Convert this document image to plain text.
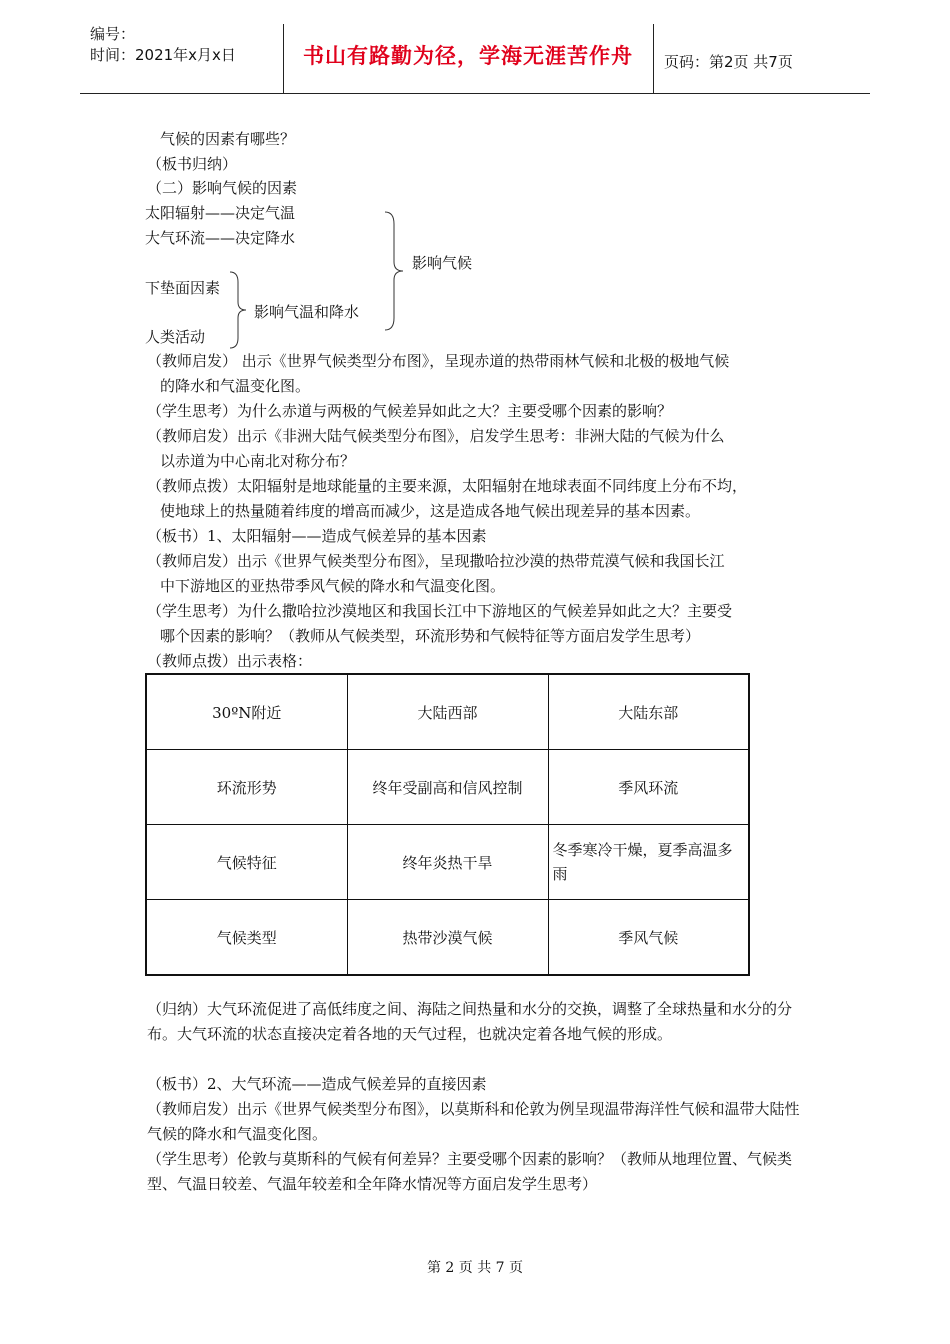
编号：
时间：2021年x月x日	书山有路勤为径，学海无涯苦作舟	页码：第2页 共7页
气候的因素有哪些？
（板书归纳）
（二）影响气候的因素
太阳辐射——决定气温
大气环流——决定降水
下垫面因素
人类活动
影响气温和降水
影响气候
（教师启发） 出示《世界气候类型分布图》，呈现赤道的热带雨林气候和北极的极地气候
的降水和气温变化图。
（学生思考）为什么赤道与两极的气候差异如此之大？主要受哪个因素的影响？
（教师启发）出示《非洲大陆气候类型分布图》，启发学生思考：非洲大陆的气候为什么
以赤道为中心南北对称分布？
（教师点拨）太阳辐射是地球能量的主要来源，太阳辐射在地球表面不同纬度上分布不均，
使地球上的热量随着纬度的增高而减少，这是造成各地气候出现差异的基本因素。
（板书）1、太阳辐射——造成气候差异的基本因素
（教师启发）出示《世界气候类型分布图》，呈现撒哈拉沙漠的热带荒漠气候和我国长江
中下游地区的亚热带季风气候的降水和气温变化图。
（学生思考）为什么撒哈拉沙漠地区和我国长江中下游地区的气候差异如此之大？主要受
哪个因素的影响？（教师从气候类型，环流形势和气候特征等方面启发学生思考）
（教师点拨）出示表格：
30ºN附近	大陆西部	大陆东部
环流形势	终年受副高和信风控制	季风环流
气候特征	终年炎热干旱	冬季寒冷干燥，夏季高温多雨
气候类型	热带沙漠气候	季风气候
（归纳）大气环流促进了高低纬度之间、海陆之间热量和水分的交换，调整了全球热量和水分的分布。大气环流的状态直接决定着各地的天气过程，也就决定着各地气候的形成。
（板书）2、大气环流——造成气候差异的直接因素
（教师启发）出示《世界气候类型分布图》，以莫斯科和伦敦为例呈现温带海洋性气候和温带大陆性气候的降水和气温变化图。
（学生思考）伦敦与莫斯科的气候有何差异？主要受哪个因素的影响？（教师从地理位置、气候类型、气温日较差、气温年较差和全年降水情况等方面启发学生思考）
第 2 页 共 7 页
